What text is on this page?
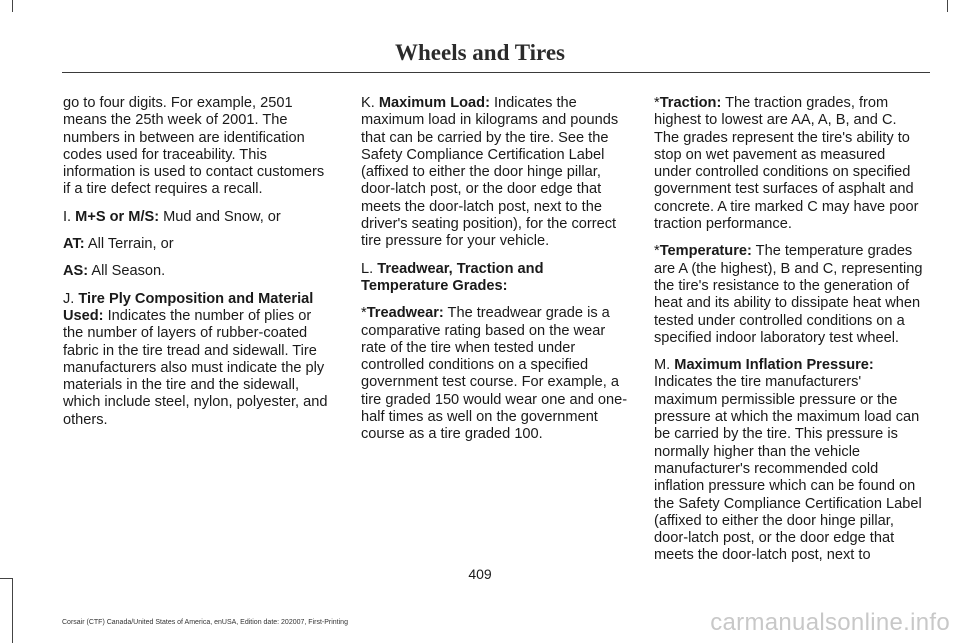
Wheels and Tires

go to four digits. For example, 2501 means the 25th week of 2001. The numbers in between are identification codes used for traceability. This information is used to contact customers if a tire defect requires a recall.

I. M+S or M/S: Mud and Snow, or

AT: All Terrain, or

AS: All Season.

J. Tire Ply Composition and Material Used: Indicates the number of plies or the number of layers of rubber-coated fabric in the tire tread and sidewall. Tire manufacturers also must indicate the ply materials in the tire and the sidewall, which include steel, nylon, polyester, and others.

K. Maximum Load: Indicates the maximum load in kilograms and pounds that can be carried by the tire. See the Safety Compliance Certification Label (affixed to either the door hinge pillar, door-latch post, or the door edge that meets the door-latch post, next to the driver's seating position), for the correct tire pressure for your vehicle.

L. Treadwear, Traction and Temperature Grades:

*Treadwear: The treadwear grade is a comparative rating based on the wear rate of the tire when tested under controlled conditions on a specified government test course. For example, a tire graded 150 would wear one and one-half times as well on the government course as a tire graded 100.

*Traction: The traction grades, from highest to lowest are AA, A, B, and C. The grades represent the tire's ability to stop on wet pavement as measured under controlled conditions on specified government test surfaces of asphalt and concrete. A tire marked C may have poor traction performance.

*Temperature: The temperature grades are A (the highest), B and C, representing the tire's resistance to the generation of heat and its ability to dissipate heat when tested under controlled conditions on a specified indoor laboratory test wheel.

M. Maximum Inflation Pressure: Indicates the tire manufacturers' maximum permissible pressure or the pressure at which the maximum load can be carried by the tire. This pressure is normally higher than the vehicle manufacturer's recommended cold inflation pressure which can be found on the Safety Compliance Certification Label (affixed to either the door hinge pillar, door-latch post, or the door edge that meets the door-latch post, next to

409
Corsair (CTF) Canada/United States of America, enUSA, Edition date: 202007, First-Printing	carmanualsonline.info
